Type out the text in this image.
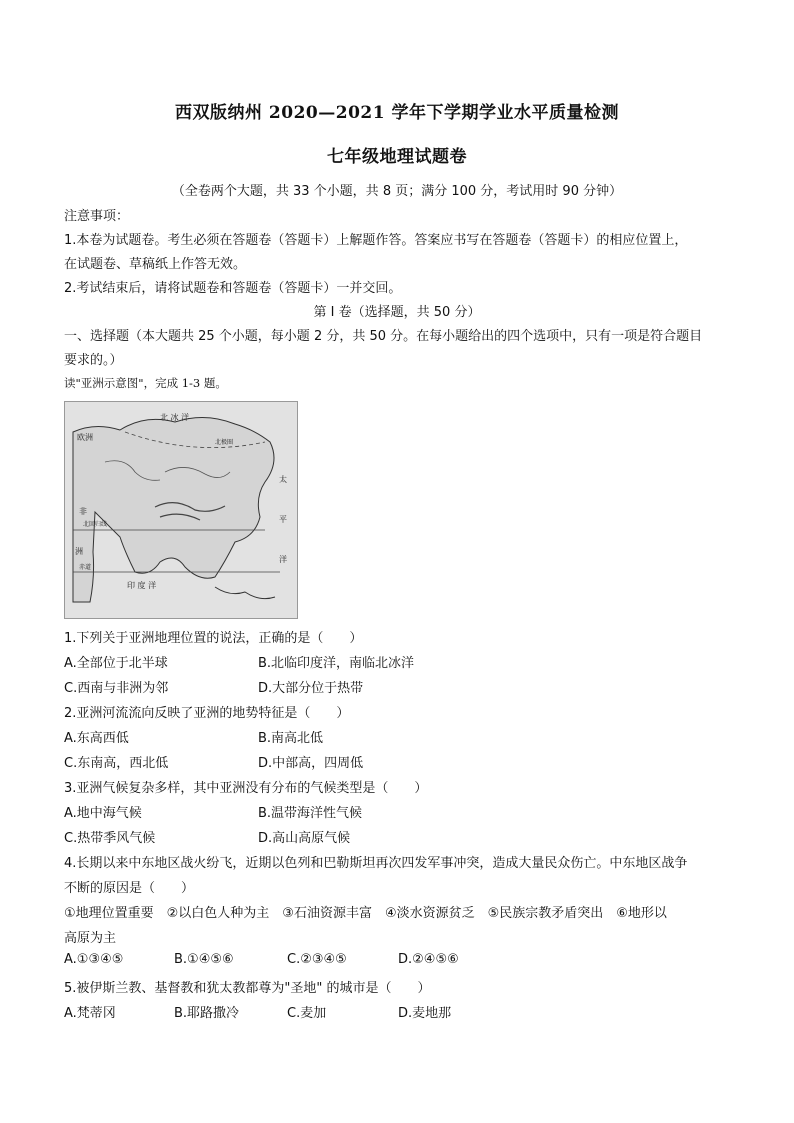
西双版纳州 2020—2021 学年下学期学业水平质量检测
七年级地理试题卷
（全卷两个大题，共 33 个小题，共 8 页；满分 100 分，考试用时 90 分钟）
注意事项：
1.本卷为试题卷。考生必须在答题卷（答题卡）上解题作答。答案应书写在答题卷（答题卡）的相应位置上，
在试题卷、草稿纸上作答无效。
2.考试结束后，请将试题卷和答题卷（答题卡）一并交回。
第 I 卷（选择题，共 50 分）
一、选择题（本大题共 25 个小题，每小题 2 分，共 50 分。在每小题给出的四个选项中，只有一项是符合题目
要求的。）
读"亚洲示意图"，完成 1-3 题。
北 冰 洋
欧洲
非
洲
印 度 洋
太
平
洋
北极圈
北回归线
赤道
1.下列关于亚洲地理位置的说法，正确的是（　　）
A.全部位于北半球	B.北临印度洋，南临北冰洋
C.西南与非洲为邻	D.大部分位于热带
2.亚洲河流流向反映了亚洲的地势特征是（　　）
A.东高西低	B.南高北低
C.东南高，西北低	D.中部高，四周低
3.亚洲气候复杂多样，其中亚洲没有分布的气候类型是（　　）
A.地中海气候	B.温带海洋性气候
C.热带季风气候	D.高山高原气候
4.长期以来中东地区战火纷飞，近期以色列和巴勒斯坦再次四发军事冲突，造成大量民众伤亡。中东地区战争
不断的原因是（　　）
①地理位置重要　②以白色人种为主　③石油资源丰富　④淡水资源贫乏　⑤民族宗教矛盾突出　⑥地形以
高原为主
A.①③④⑤	B.①④⑤⑥	C.②③④⑤	D.②④⑤⑥
5.被伊斯兰教、基督教和犹太教都尊为"圣地" 的城市是（　　）
A.梵蒂冈	B.耶路撒冷	C.麦加	D.麦地那
